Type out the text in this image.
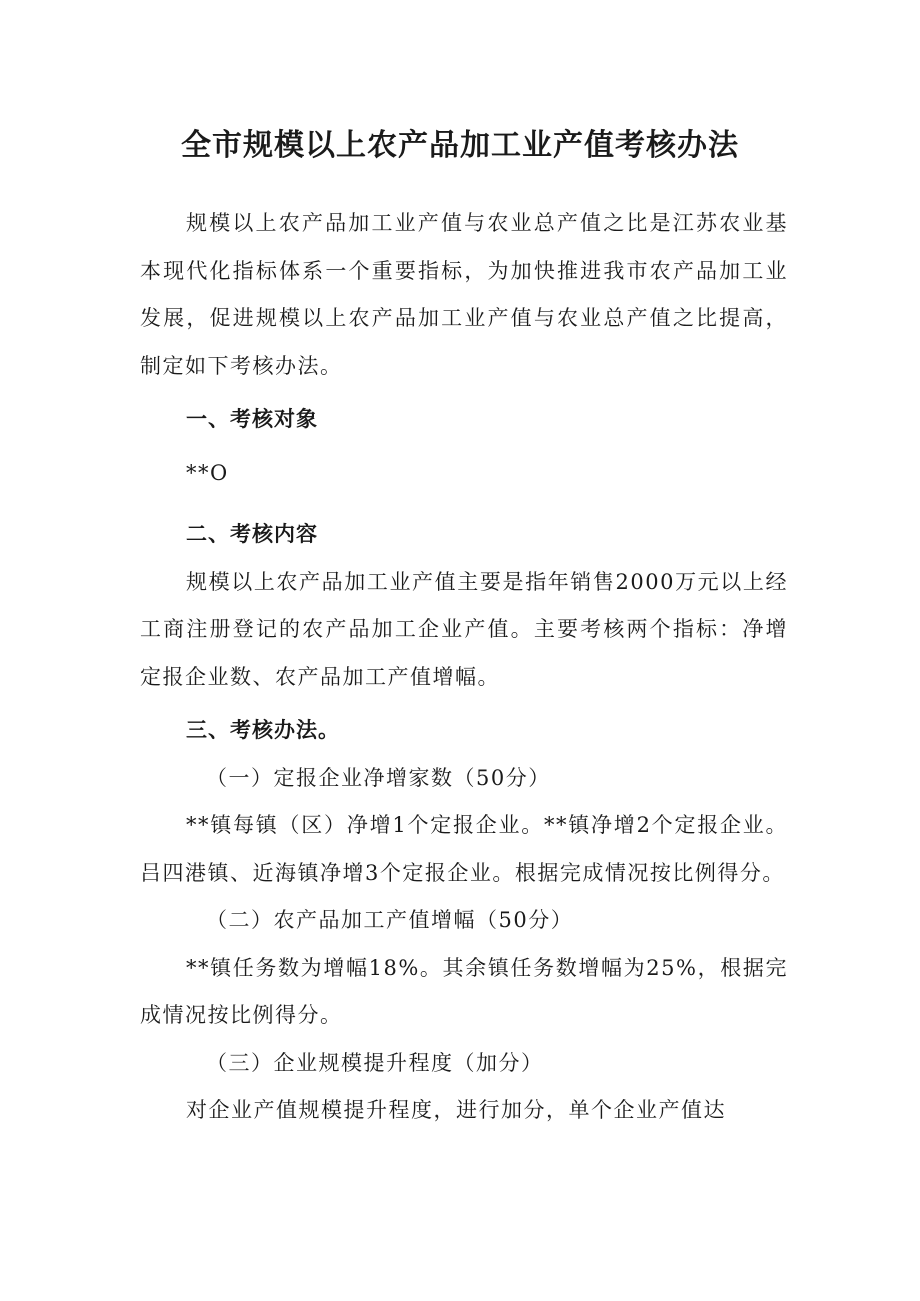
全市规模以上农产品加工业产值考核办法

规模以上农产品加工业产值与农业总产值之比是江苏农业基本现代化指标体系一个重要指标，为加快推进我市农产品加工业发展，促进规模以上农产品加工业产值与农业总产值之比提高，制定如下考核办法。

一、考核对象

**O

二、考核内容

规模以上农产品加工业产值主要是指年销售2000万元以上经工商注册登记的农产品加工企业产值。主要考核两个指标：净增定报企业数、农产品加工产值增幅。

三、考核办法。

（一）定报企业净增家数（50分）

**镇每镇（区）净增1个定报企业。**镇净增2个定报企业。吕四港镇、近海镇净增3个定报企业。根据完成情况按比例得分。

（二）农产品加工产值增幅（50分）

**镇任务数为增幅18%。其余镇任务数增幅为25%，根据完成情况按比例得分。

（三）企业规模提升程度（加分）

对企业产值规模提升程度，进行加分，单个企业产值达
